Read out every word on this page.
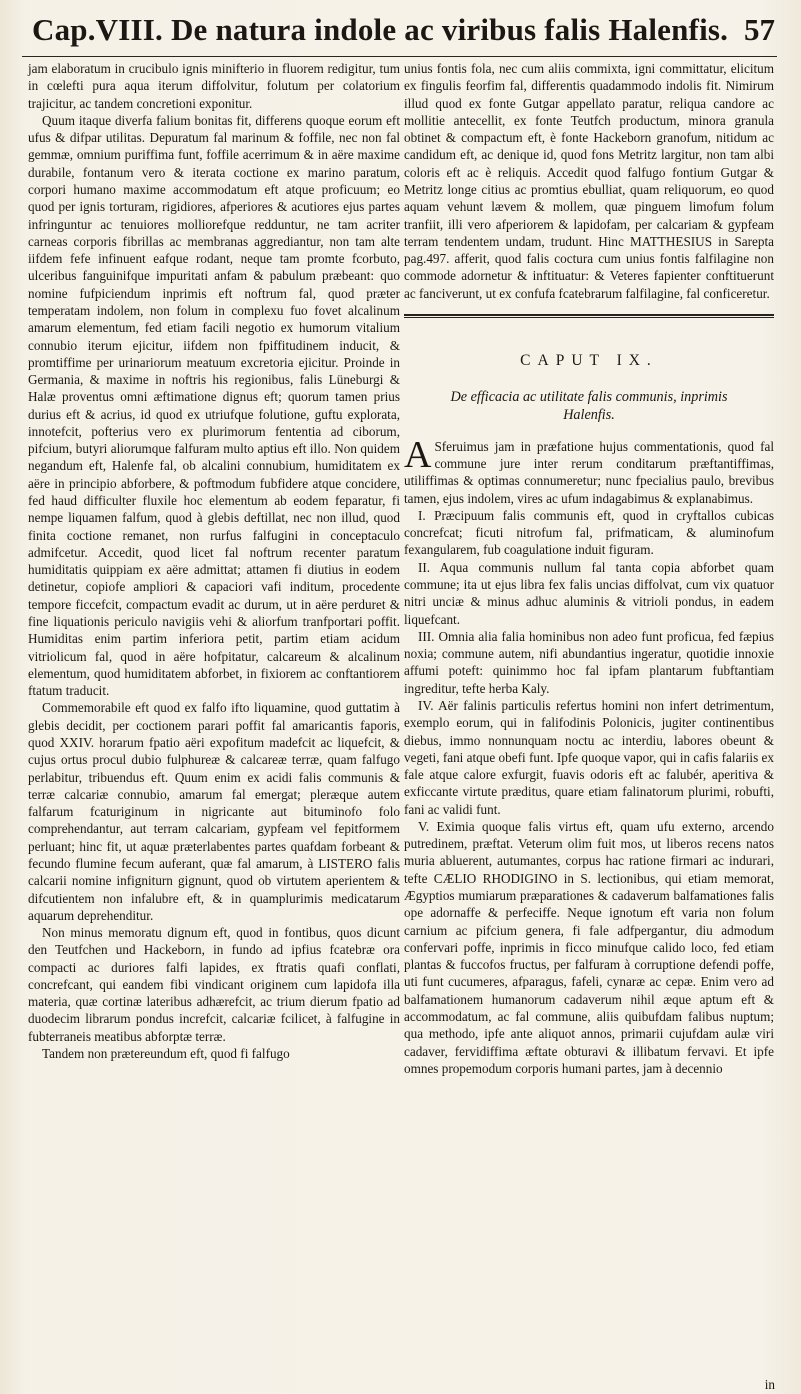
Cap.VIII. De natura indole ac viribus falis Halenfis. 57

jam elaboratum in crucibulo ignis minifterio in fluorem redigitur, tum in cœlefti pura aqua iterum diffolvitur, folutum per colatorium trajicitur, ac tandem concretioni exponitur.

Quum itaque diverfa falium bonitas fit, differens quoque eorum eft ufus & difpar utilitas. Depuratum fal marinum & foffile, nec non fal gemmæ, omnium puriffima funt, foffile acerrimum & in aëre maxime durabile, fontanum vero & iterata coctione ex marino paratum, corpori humano maxime accommodatum eft atque proficuum; eo quod per ignis torturam, rigidiores, afperiores & acutiores ejus partes infringuntur ac tenuiores molliorefque redduntur, ne tam acriter carneas corporis fibrillas ac membranas aggrediantur, non tam alte iifdem fefe infinuent eafque rodant, neque tam promte fcorbuto, ulceribus fanguinifque impuritati anfam & pabulum præbeant: quo nomine fufpiciendum inprimis eft noftrum fal, quod præter temperatam indolem, non folum in complexu fuo fovet alcalinum amarum elementum, fed etiam facili negotio ex humorum vitalium connubio iterum ejicitur, iifdem non fpiffitudinem inducit, & promtiffime per urinariorum meatuum excretoria ejicitur. Proinde in Germania, & maxime in noftris his regionibus, falis Lüneburgi & Halæ proventus omni æftimatione dignus eft; quorum tamen prius durius eft & acrius, id quod ex utriufque folutione, guftu explorata, innotefcit, pofterius vero ex plurimorum fententia ad ciborum, pifcium, butyri aliorumque falfuram multo aptius eft illo. Non quidem negandum eft, Halenfe fal, ob alcalini connubium, humiditatem ex aëre in principio abforbere, & poftmodum fubfidere atque concidere, fed haud difficulter fluxile hoc elementum ab eodem feparatur, fi nempe liquamen falfum, quod à glebis deftillat, nec non illud, quod finita coctione remanet, non rurfus falfugini in conceptaculo admifcetur. Accedit, quod licet fal noftrum recenter paratum humiditatis quippiam ex aëre admittat; attamen fi diutius in eodem detinetur, copiofe ampliori & capaciori vafi inditum, procedente tempore ficcefcit, compactum evadit ac durum, ut in aëre perduret & fine liquationis periculo navigiis vehi & aliorfum tranfportari poffit. Humiditas enim partim inferiora petit, partim etiam acidum vitriolicum fal, quod in aëre hofpitatur, calcareum & alcalinum elementum, quod humiditatem abforbet, in fixiorem ac conftantiorem ftatum traducit.

Commemorabile eft quod ex falfo ifto liquamine, quod guttatim à glebis decidit, per coctionem parari poffit fal amaricantis faporis, quod XXIV. horarum fpatio aëri expofitum madefcit ac liquefcit, & cujus ortus procul dubio fulphureæ & calcareæ terræ, quam falfugo perlabitur, tribuendus eft. Quum enim ex acidi falis communis & terræ calcariæ connubio, amarum fal emergat; pleræque autem falfarum fcaturiginum in nigricante aut bituminofo folo comprehendantur, aut terram calcariam, gypfeam vel fepitformem perluant; hinc fit, ut aquæ præterlabentes partes quafdam forbeant & fecundo flumine fecum auferant, quæ fal amarum, à LISTERO falis calcarii nomine infigniturn gignunt, quod ob virtutem aperientem & difcutientem non infalubre eft, & in quamplurimis medicatarum aquarum deprehenditur.

Non minus memoratu dignum eft, quod in fontibus, quos dicunt den Teutfchen und Hackeborn, in fundo ad ipfius fcatebræ ora compacti ac duriores falfi lapides, ex ftratis quafi conflati, concrefcant, qui eandem fibi vindicant originem cum lapidofa illa materia, quæ cortinæ lateribus adhærefcit, ac trium dierum fpatio ad duodecim librarum pondus increfcit, calcariæ fcilicet, à falfugine in fubterraneis meatibus abforptæ terræ.

Tandem non prætereundum eft, quod fi falfugo

unius fontis fola, nec cum aliis commixta, igni committatur, elicitum ex fingulis feorfim fal, differentis quadammodo indolis fit. Nimirum illud quod ex fonte Gutgar appellato paratur, reliqua candore ac mollitie antecellit, ex fonte Teutfch productum, minora granula obtinet & compactum eft, è fonte Hackeborn granofum, nitidum ac candidum eft, ac denique id, quod fons Metritz largitur, non tam albi coloris eft ac è reliquis. Accedit quod falfugo fontium Gutgar & Metritz longe citius ac promtius ebulliat, quam reliquorum, eo quod aquam vehunt lævem & mollem, quæ pinguem limofum folum tranfiit, illi vero afperiorem & lapidofam, per calcariam & gypfeam terram tendentem undam, trudunt. Hinc MATTHESIUS in Sarepta pag.497. afferit, quod falis coctura cum unius fontis falfilagine non commode adornetur & inftituatur: & Veteres fapienter conftituerunt ac fanciverunt, ut ex confufa fcatebrarum falfilagine, fal conficeretur.

CAPUT IX.
De efficacia ac utilitate falis communis, inprimis Halenfis.

A Sferuimus jam in præfatione hujus commentationis, quod fal commune jure inter rerum conditarum præftantiffimas, utiliffimas & optimas connumeretur; nunc fpecialius paulo, brevibus tamen, ejus indolem, vires ac ufum indagabimus & explanabimus.

I. Præcipuum falis communis eft, quod in cryftallos cubicas concrefcat; ficuti nitrofum fal, prifmaticam, & aluminofum fexangularem, fub coagulatione induit figuram.

II. Aqua communis nullum fal tanta copia abforbet quam commune; ita ut ejus libra fex falis uncias diffolvat, cum vix quatuor nitri unciæ & minus adhuc aluminis & vitrioli pondus, in eadem liquefcant.

III. Omnia alia falia hominibus non adeo funt proficua, fed fæpius noxia; commune autem, nifi abundantius ingeratur, quotidie innoxie affumi poteft: quinimmo hoc fal ipfam plantarum fubftantiam ingreditur, tefte herba Kaly.

IV. Aër falinis particulis refertus homini non infert detrimentum, exemplo eorum, qui in falifodinis Polonicis, jugiter continentibus diebus, immo nonnunquam noctu ac interdiu, labores obeunt & vegeti, fani atque obefi funt. Ipfe quoque vapor, qui in cafis falariis ex fale atque calore exfurgit, fuavis odoris eft ac falubér, aperitiva & exficcante virtute præditus, quare etiam falinatorum plurimi, robufti, fani ac validi funt.

V. Eximia quoque falis virtus eft, quam ufu externo, arcendo putredinem, præftat. Veterum olim fuit mos, ut liberos recens natos muria abluerent, autumantes, corpus hac ratione firmari ac indurari, tefte CÆLIO RHODIGINO in S. lectionibus, qui etiam memorat, Ægyptios mumiarum præparationes & cadaverum balfamationes falis ope adornaffe & perfeciffe. Neque ignotum eft varia non folum carnium ac pifcium genera, fi fale adfpergantur, diu admodum confervari poffe, inprimis in ficco minufque calido loco, fed etiam plantas & fuccofos fructus, per falfuram à corruptione defendi poffe, uti funt cucumeres, afparagus, fafeli, cynaræ ac cepæ. Enim vero ad balfamationem humanorum cadaverum nihil æque aptum eft & accommodatum, ac fal commune, aliis quibufdam falibus nuptum; qua methodo, ipfe ante aliquot annos, primarii cujufdam aulæ viri cadaver, fervidiffima æftate obturavi & illibatum fervavi. Et ipfe omnes propemodum corporis humani partes, jam à decennio

in
